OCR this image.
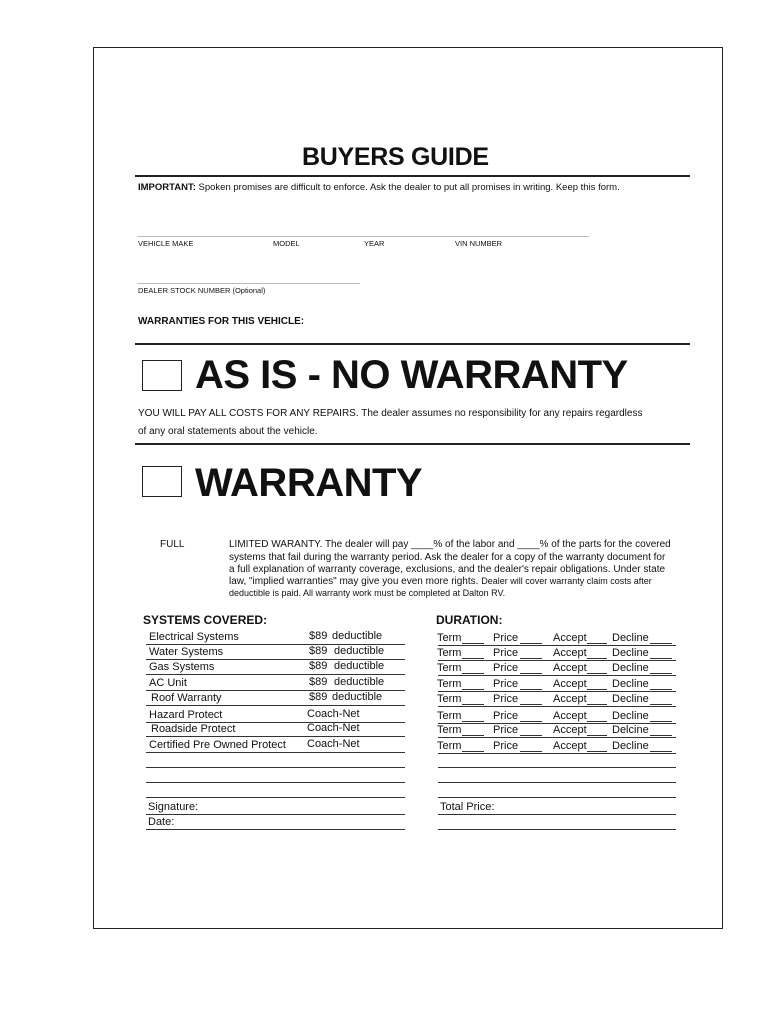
BUYERS GUIDE
IMPORTANT: Spoken promises are difficult to enforce. Ask the dealer to put all promises in writing. Keep this form.
VEHICLE MAKE	MODEL	YEAR	VIN NUMBER
DEALER STOCK NUMBER (Optional)
WARRANTIES FOR THIS VEHICLE:
AS IS - NO WARRANTY
YOU WILL PAY ALL COSTS FOR ANY REPAIRS. The dealer assumes no responsibility for any repairs regardless
of any oral statements about the vehicle.
WARRANTY
FULL	LIMITED WARANTY. The dealer will pay ____% of the labor and ____% of the parts for the covered
systems that fail during the warranty period. Ask the dealer for a copy of the warranty document for
a full explanation of warranty coverage, exclusions, and the dealer's repair obligations. Under state
law, "implied warranties" may give you even more rights. Dealer will cover warranty claim costs after
deductible is paid. All warranty work must be completed at Dalton RV.
SYSTEMS COVERED:	DURATION:
Electrical Systems	$89 deductible
Water Systems	$89 deductible
Gas Systems	$89 deductible
AC Unit	$89 deductible
Roof Warranty	$89 deductible
Hazard Protect	Coach-Net
Roadside Protect	Coach-Net
Certified Pre Owned Protect Coach-Net
Term	Price	Accept Decline
Term	Price	Accept Decline
Term	Price	Accept Decline
Term	Price	Accept Decline
Term	Price	Accept Decline
Term	Price	Accept Decline
Term	Price	Accept Delcine
Term	Price	Accept Decline
Signature:
Date:
Total Price:
